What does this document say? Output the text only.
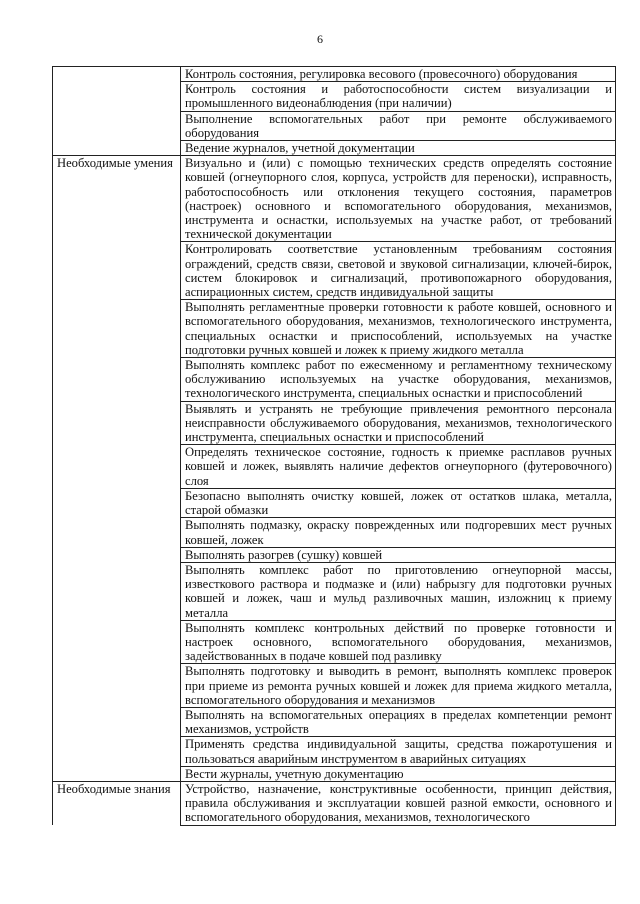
6
	Контроль состояния, регулировка весового (провесочного) оборудования
	Контроль состояния и работоспособности систем визуализации и промышленного видеонаблюдения (при наличии)
	Выполнение вспомогательных работ при ремонте обслуживаемого оборудования
	Ведение журналов, учетной документации
Необходимые умения	Визуально и (или) с помощью технических средств определять состояние ковшей (огнеупорного слоя, корпуса, устройств для переноски), исправность, работоспособность или отклонения текущего состояния, параметров (настроек) основного и вспомогательного оборудования, механизмов, инструмента и оснастки, используемых на участке работ, от требований технической документации
	Контролировать соответствие установленным требованиям состояния ограждений, средств связи, световой и звуковой сигнализации, ключей-бирок, систем блокировок и сигнализаций, противопожарного оборудования, аспирационных систем, средств индивидуальной защиты
	Выполнять регламентные проверки готовности к работе ковшей, основного и вспомогательного оборудования, механизмов, технологического инструмента, специальных оснастки и приспособлений, используемых на участке подготовки ручных ковшей и ложек к приему жидкого металла
	Выполнять комплекс работ по ежесменному и регламентному техническому обслуживанию используемых на участке оборудования, механизмов, технологического инструмента, специальных оснастки и приспособлений
	Выявлять и устранять не требующие привлечения ремонтного персонала неисправности обслуживаемого оборудования, механизмов, технологического инструмента, специальных оснастки и приспособлений
	Определять техническое состояние, годность к приемке расплавов ручных ковшей и ложек, выявлять наличие дефектов огнеупорного (футеровочного) слоя
	Безопасно выполнять очистку ковшей, ложек от остатков шлака, металла, старой обмазки
	Выполнять подмазку, окраску поврежденных или подгоревших мест ручных ковшей, ложек
	Выполнять разогрев (сушку) ковшей
	Выполнять комплекс работ по приготовлению огнеупорной массы, известкового раствора и подмазке и (или) набрызгу для подготовки ручных ковшей и ложек, чаш и мульд разливочных машин, изложниц к приему металла
	Выполнять комплекс контрольных действий по проверке готовности и настроек основного, вспомогательного оборудования, механизмов, задействованных в подаче ковшей под разливку
	Выполнять подготовку и выводить в ремонт, выполнять комплекс проверок при приеме из ремонта ручных ковшей и ложек для приема жидкого металла, вспомогательного оборудования и механизмов
	Выполнять на вспомогательных операциях в пределах компетенции ремонт механизмов, устройств
	Применять средства индивидуальной защиты, средства пожаротушения и пользоваться аварийным инструментом в аварийных ситуациях
	Вести журналы, учетную документацию
Необходимые знания	Устройство, назначение, конструктивные особенности, принцип действия, правила обслуживания и эксплуатации ковшей разной емкости, основного и вспомогательного оборудования, механизмов, технологического
